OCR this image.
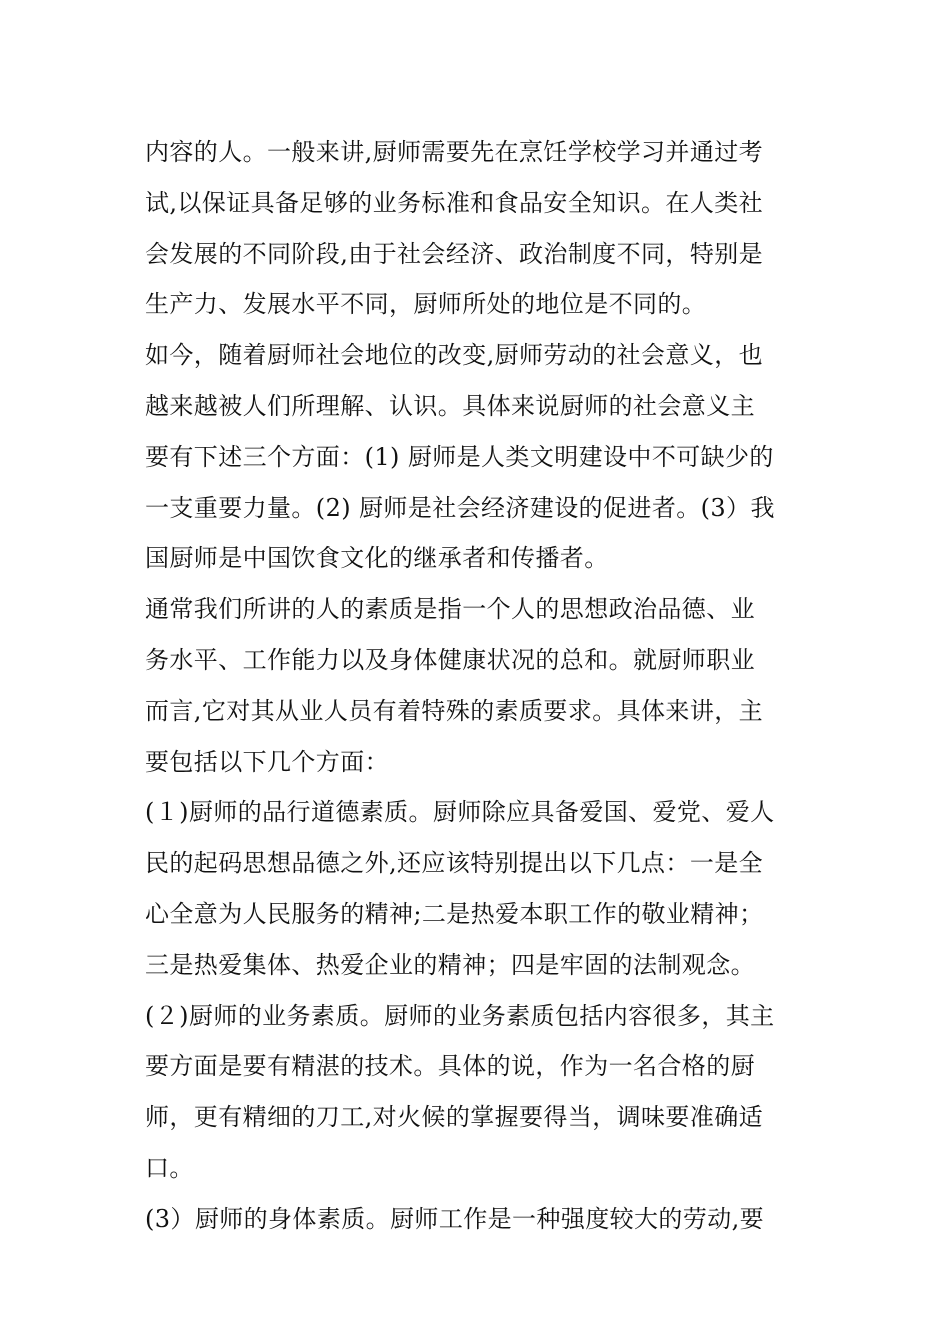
内容的人。一般来讲,厨师需要先在烹饪学校学习并通过考
试,以保证具备足够的业务标准和食品安全知识。在人类社
会发展的不同阶段,由于社会经济、政治制度不同，特别是
生产力、发展水平不同，厨师所处的地位是不同的。
如今，随着厨师社会地位的改变,厨师劳动的社会意义，也
越来越被人们所理解、认识。具体来说厨师的社会意义主
要有下述三个方面：(1) 厨师是人类文明建设中不可缺少的
一支重要力量。(2) 厨师是社会经济建设的促进者。(3）我
国厨师是中国饮食文化的继承者和传播者。
通常我们所讲的人的素质是指一个人的思想政治品德、业
务水平、工作能力以及身体健康状况的总和。就厨师职业
而言,它对其从业人员有着特殊的素质要求。具体来讲，主
要包括以下几个方面：
(１)厨师的品行道德素质。厨师除应具备爱国、爱党、爱人
民的起码思想品德之外,还应该特别提出以下几点：一是全
心全意为人民服务的精神;二是热爱本职工作的敬业精神；
三是热爱集体、热爱企业的精神；四是牢固的法制观念。
(２)厨师的业务素质。厨师的业务素质包括内容很多，其主
要方面是要有精湛的技术。具体的说，作为一名合格的厨
师，更有精细的刀工,对火候的掌握要得当，调味要准确适
口。
(3）厨师的身体素质。厨师工作是一种强度较大的劳动,要
